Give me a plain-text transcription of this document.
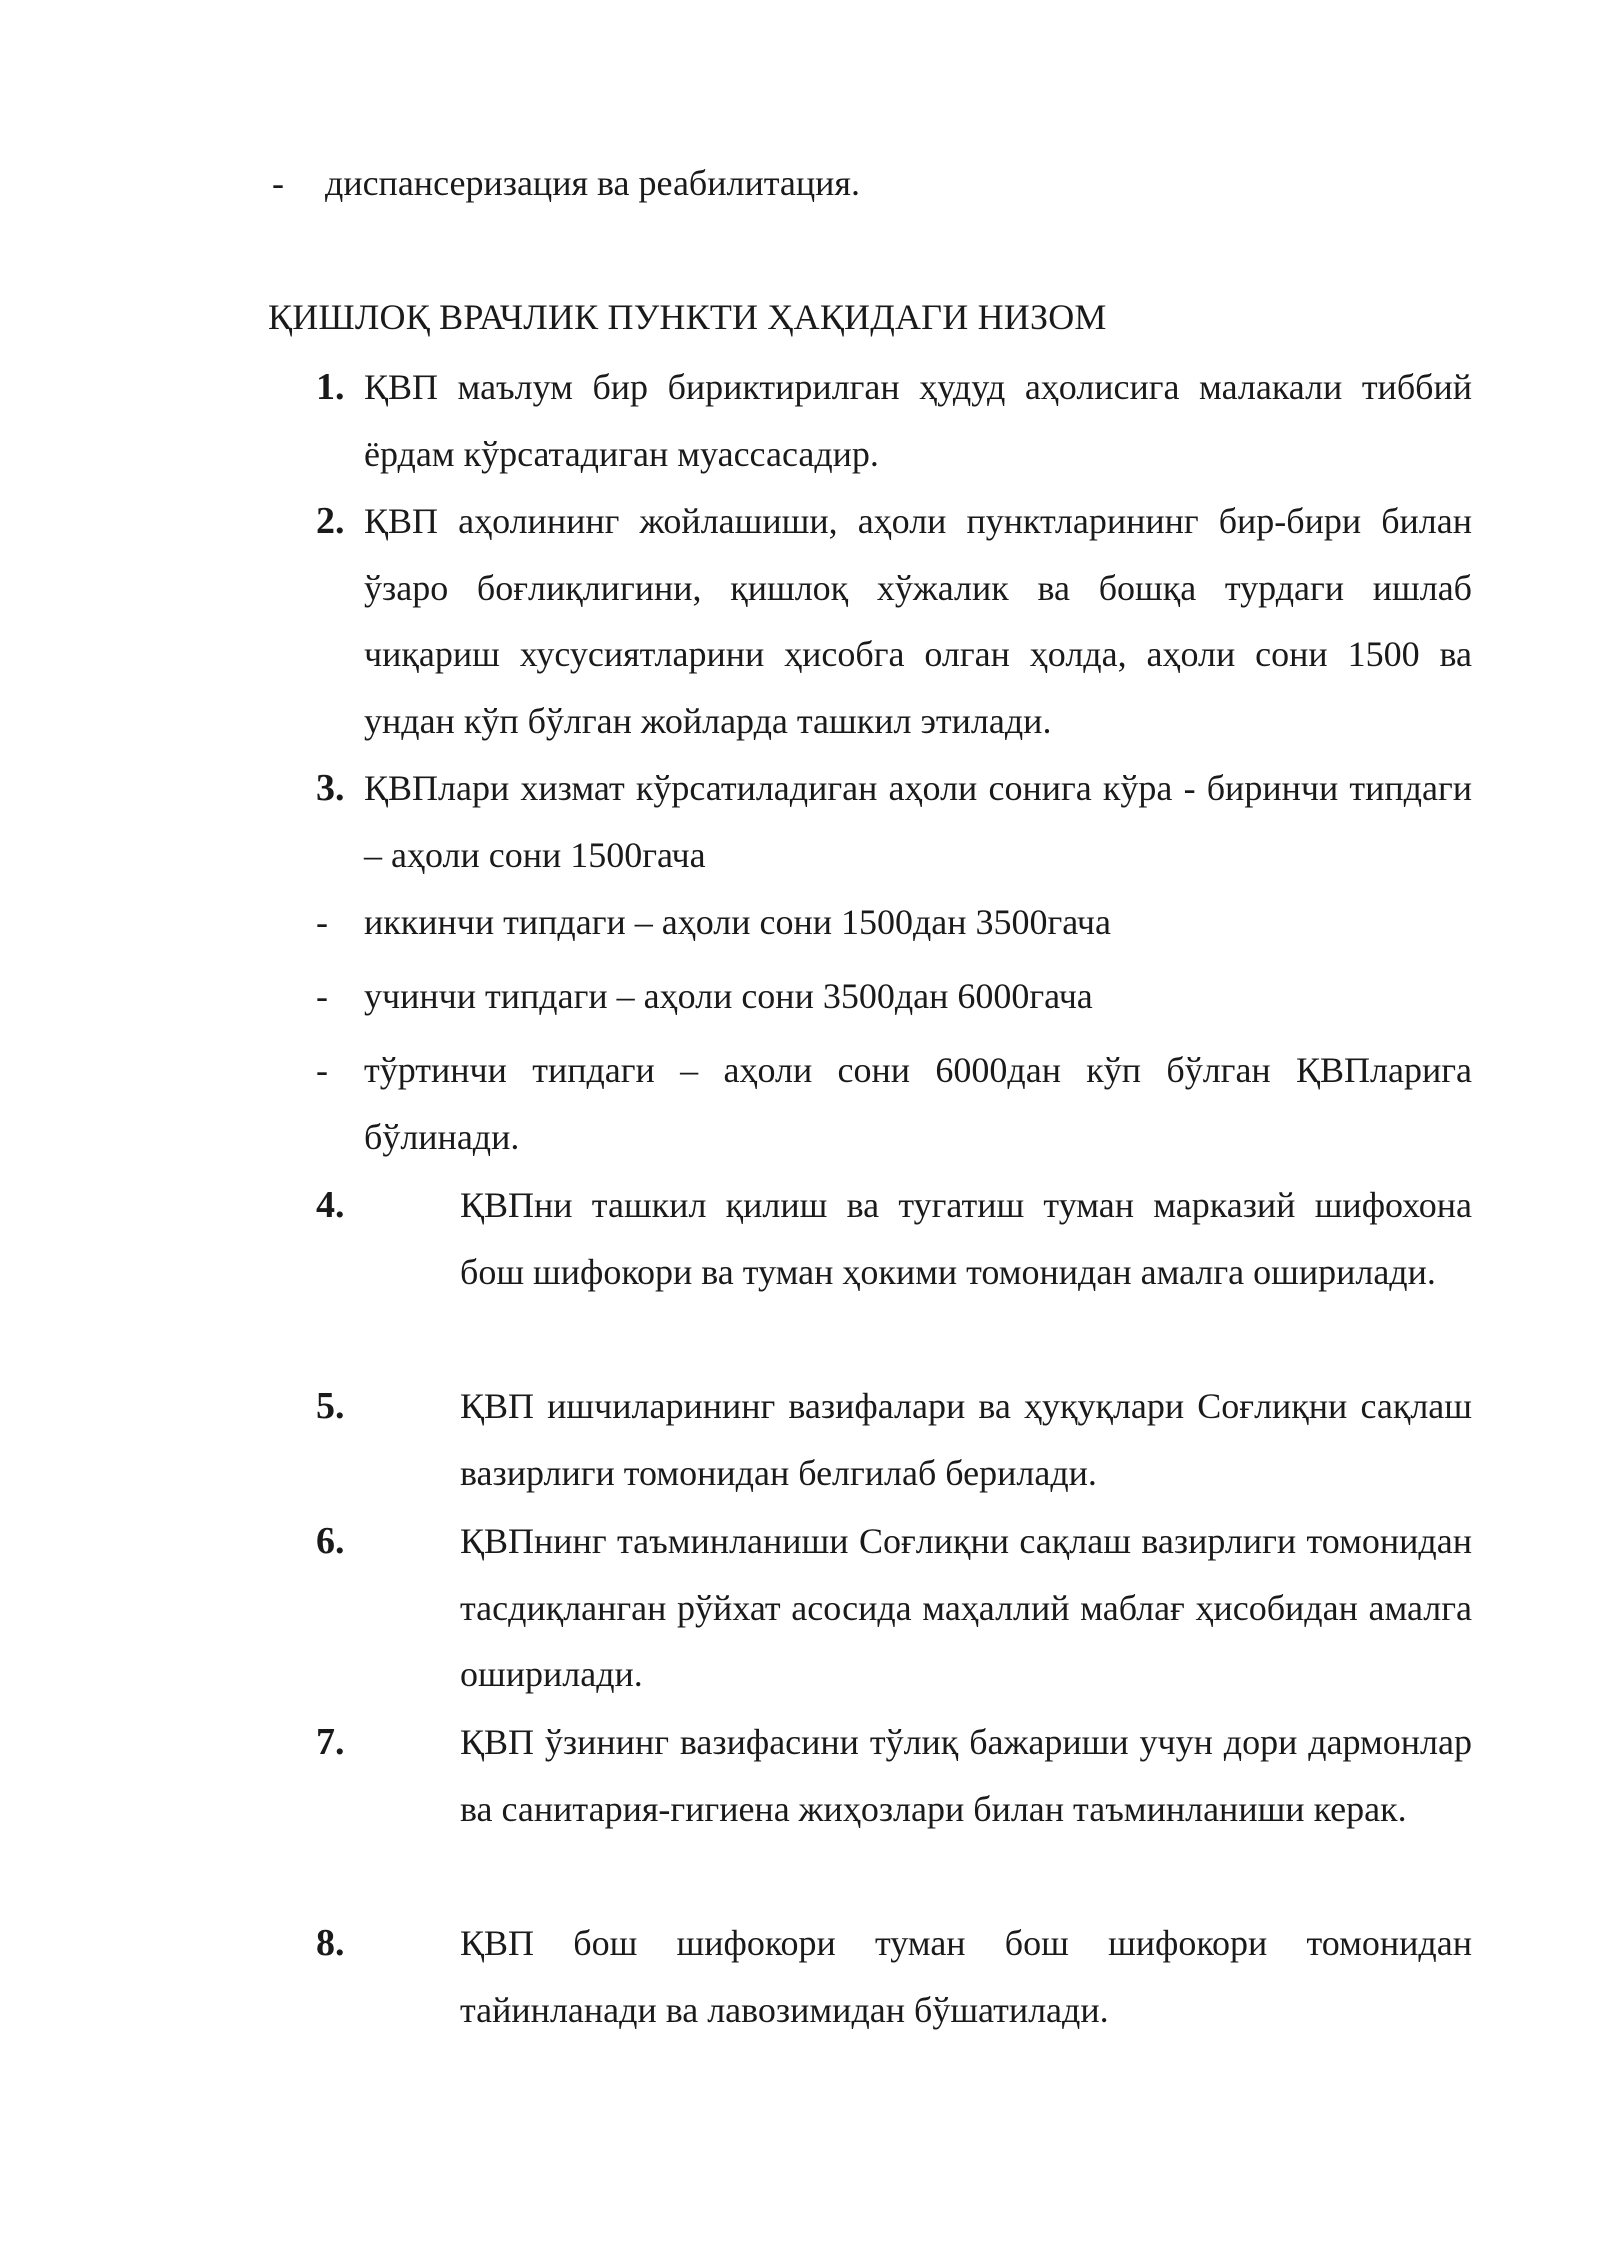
- диспансеризация ва реабилитация.
ҚИШЛОҚ ВРАЧЛИК ПУНКТИ ҲАҚИДАГИ НИЗОМ
1. ҚВП маълум бир бириктирилган ҳудуд аҳолисига малакали тиббий ёрдам кўрсатадиган муассасадир.
2. ҚВП аҳолининг жойлашиши, аҳоли пунктларининг бир-бири билан ўзаро боғлиқлигини, қишлоқ хўжалик ва бошқа турдаги ишлаб чиқариш хусусиятларини ҳисобга олган ҳолда, аҳоли сони 1500 ва ундан кўп бўлган жойларда ташкил этилади.
3. ҚВПлари хизмат кўрсатиладиган аҳоли сонига кўра - биринчи типдаги – аҳоли сони 1500гача
- иккинчи типдаги – аҳоли сони 1500дан 3500гача
- учинчи типдаги – аҳоли сони 3500дан 6000гача
- тўртинчи типдаги – аҳоли сони 6000дан кўп бўлган ҚВПларига бўлинади.
4.	ҚВПни ташкил қилиш ва тугатиш туман марказий шифохона бош шифокори ва туман ҳокими томонидан амалга оширилади.
5.	ҚВП ишчиларининг вазифалари ва ҳуқуқлари Соғлиқни сақлаш вазирлиги томонидан белгилаб берилади.
6.	ҚВПнинг таъминланиши Соғлиқни сақлаш вазирлиги томонидан тасдиқланган рўйхат асосида маҳаллий маблағ ҳисобидан амалга оширилади.
7.	ҚВП ўзининг вазифасини тўлиқ бажариши учун дори дармонлар ва санитария-гигиена жиҳозлари билан таъминланиши керак.
8.	ҚВП бош шифокори туман бош шифокори томонидан тайинланади ва лавозимидан бўшатилади.
